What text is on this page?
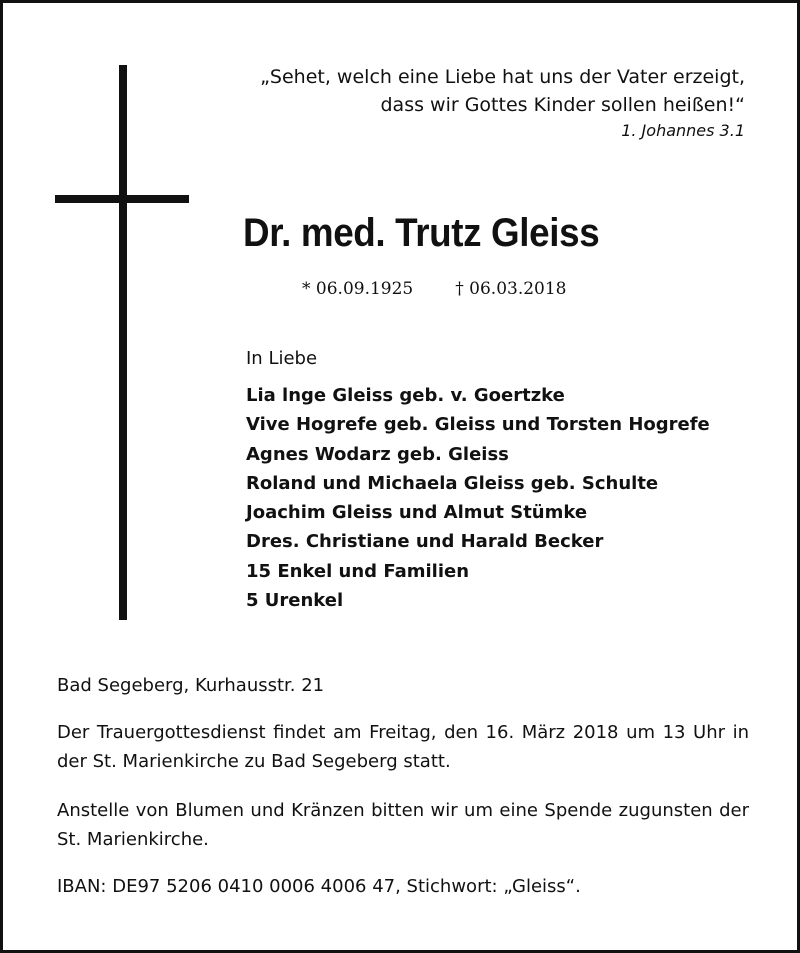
„Sehet, welch eine Liebe hat uns der Vater erzeigt,
dass wir Gottes Kinder sollen heißen!“
1. Johannes 3.1
Dr. med. Trutz Gleiss
* 06.09.1925 † 06.03.2018
In Liebe
Lia lnge Gleiss geb. v. Goertzke
Vive Hogrefe geb. Gleiss und Torsten Hogrefe
Agnes Wodarz geb. Gleiss
Roland und Michaela Gleiss geb. Schulte
Joachim Gleiss und Almut Stümke
Dres. Christiane und Harald Becker
15 Enkel und Familien
5 Urenkel
Bad Segeberg, Kurhausstr. 21
Der Trauergottesdienst findet am Freitag, den 16. März 2018 um 13 Uhr in der St. Marienkirche zu Bad Segeberg statt.
Anstelle von Blumen und Kränzen bitten wir um eine Spende zugunsten der St. Marienkirche.
IBAN: DE97 5206 0410 0006 4006 47, Stichwort: „Gleiss“.
